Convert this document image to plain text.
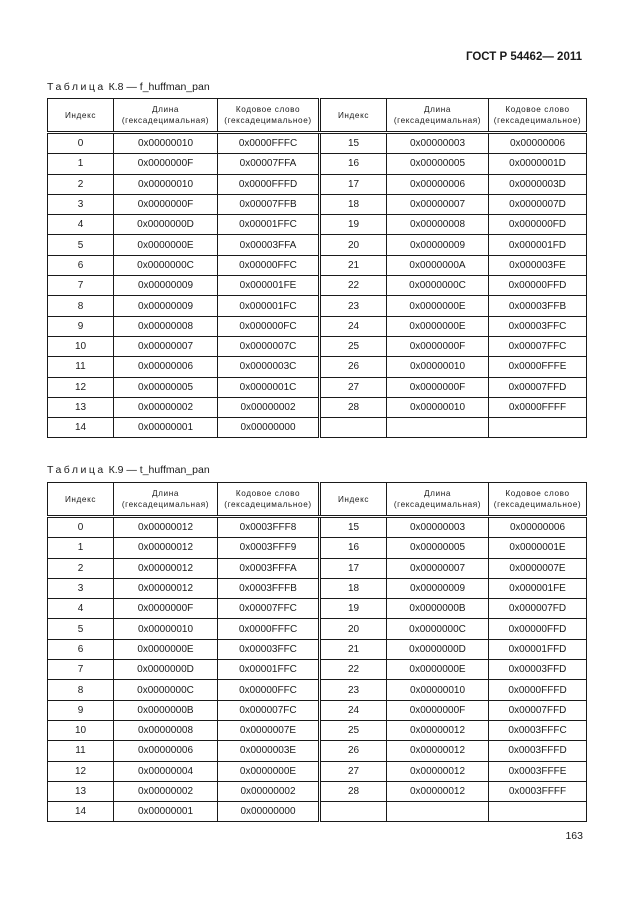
ГОСТ Р 54462— 2011
Таблица К.8 — f_huffman_pan
Индекс	Длина (гексадецимальная)	Кодовое слово (гексадецимальное)	Индекс	Длина (гексадецимальная)	Кодовое слово (гексадецимальное)
0	0x00000010	0x0000FFFC	15	0x00000003	0x00000006
1	0x0000000F	0x00007FFA	16	0x00000005	0x0000001D
2	0x00000010	0x0000FFFD	17	0x00000006	0x0000003D
3	0x0000000F	0x00007FFB	18	0x00000007	0x0000007D
4	0x0000000D	0x00001FFC	19	0x00000008	0x000000FD
5	0x0000000E	0x00003FFA	20	0x00000009	0x000001FD
6	0x0000000C	0x00000FFC	21	0x0000000A	0x000003FE
7	0x00000009	0x000001FE	22	0x0000000C	0x00000FFD
8	0x00000009	0x000001FC	23	0x0000000E	0x00003FFB
9	0x00000008	0x000000FC	24	0x0000000E	0x00003FFC
10	0x00000007	0x0000007C	25	0x0000000F	0x00007FFC
11	0x00000006	0x0000003C	26	0x00000010	0x0000FFFE
12	0x00000005	0x0000001C	27	0x0000000F	0x00007FFD
13	0x00000002	0x00000002	28	0x00000010	0x0000FFFF
14	0x00000001	0x00000000			
Таблица К.9 — t_huffman_pan
Индекс	Длина (гексадецимальная)	Кодовое слово (гексадецимальное)	Индекс	Длина (гексадецимальная)	Кодовое слово (гексадецимальное)
0	0x00000012	0x0003FFF8	15	0x00000003	0x00000006
1	0x00000012	0x0003FFF9	16	0x00000005	0x0000001E
2	0x00000012	0x0003FFFA	17	0x00000007	0x0000007E
3	0x00000012	0x0003FFFB	18	0x00000009	0x000001FE
4	0x0000000F	0x00007FFC	19	0x0000000B	0x000007FD
5	0x00000010	0x0000FFFC	20	0x0000000C	0x00000FFD
6	0x0000000E	0x00003FFC	21	0x0000000D	0x00001FFD
7	0x0000000D	0x00001FFC	22	0x0000000E	0x00003FFD
8	0x0000000C	0x00000FFC	23	0x00000010	0x0000FFFD
9	0x0000000B	0x000007FC	24	0x0000000F	0x00007FFD
10	0x00000008	0x0000007E	25	0x00000012	0x0003FFFC
11	0x00000006	0x0000003E	26	0x00000012	0x0003FFFD
12	0x00000004	0x0000000E	27	0x00000012	0x0003FFFE
13	0x00000002	0x00000002	28	0x00000012	0x0003FFFF
14	0x00000001	0x00000000			
163
